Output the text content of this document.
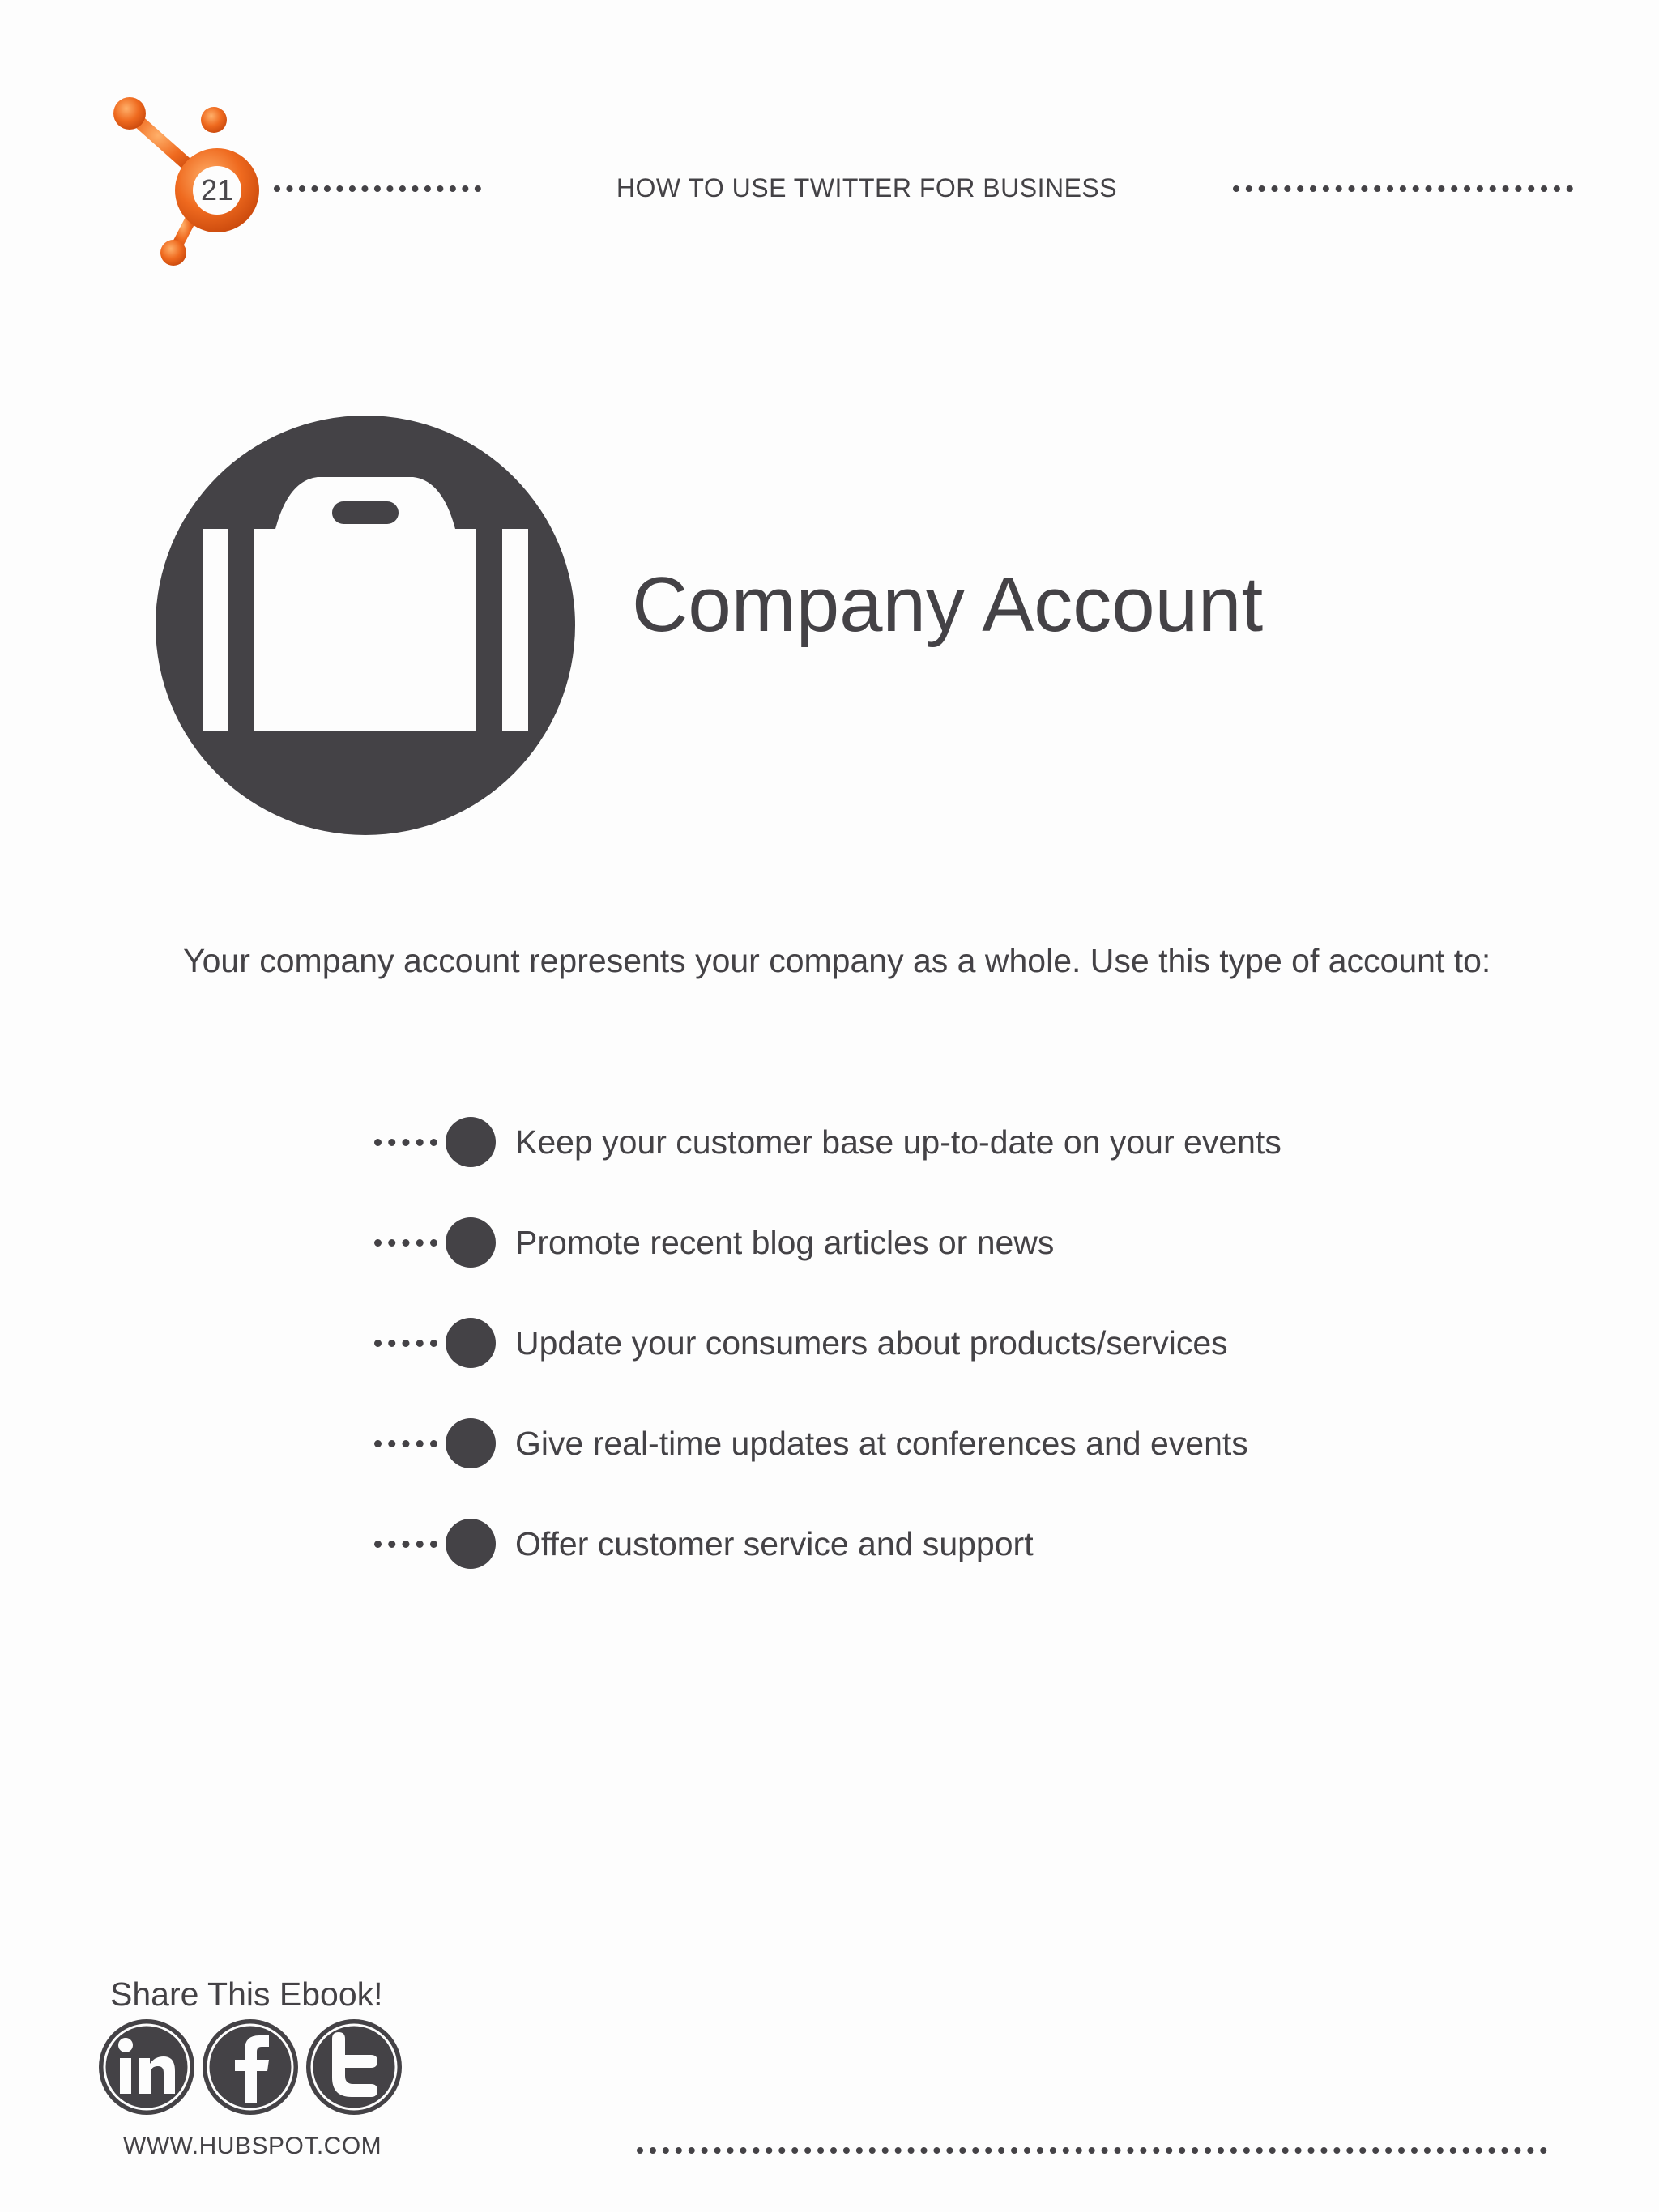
21	HOW TO USE TWITTER FOR BUSINESS
Company Account
Your company account represents your company as a whole. Use this type of account to:
Keep your customer base up-to-date on your events
Promote recent blog articles or news
Update your consumers about products/services
Give real-time updates at conferences and events
Offer customer service and support
Share This Ebook!
WWW.HUBSPOT.COM
